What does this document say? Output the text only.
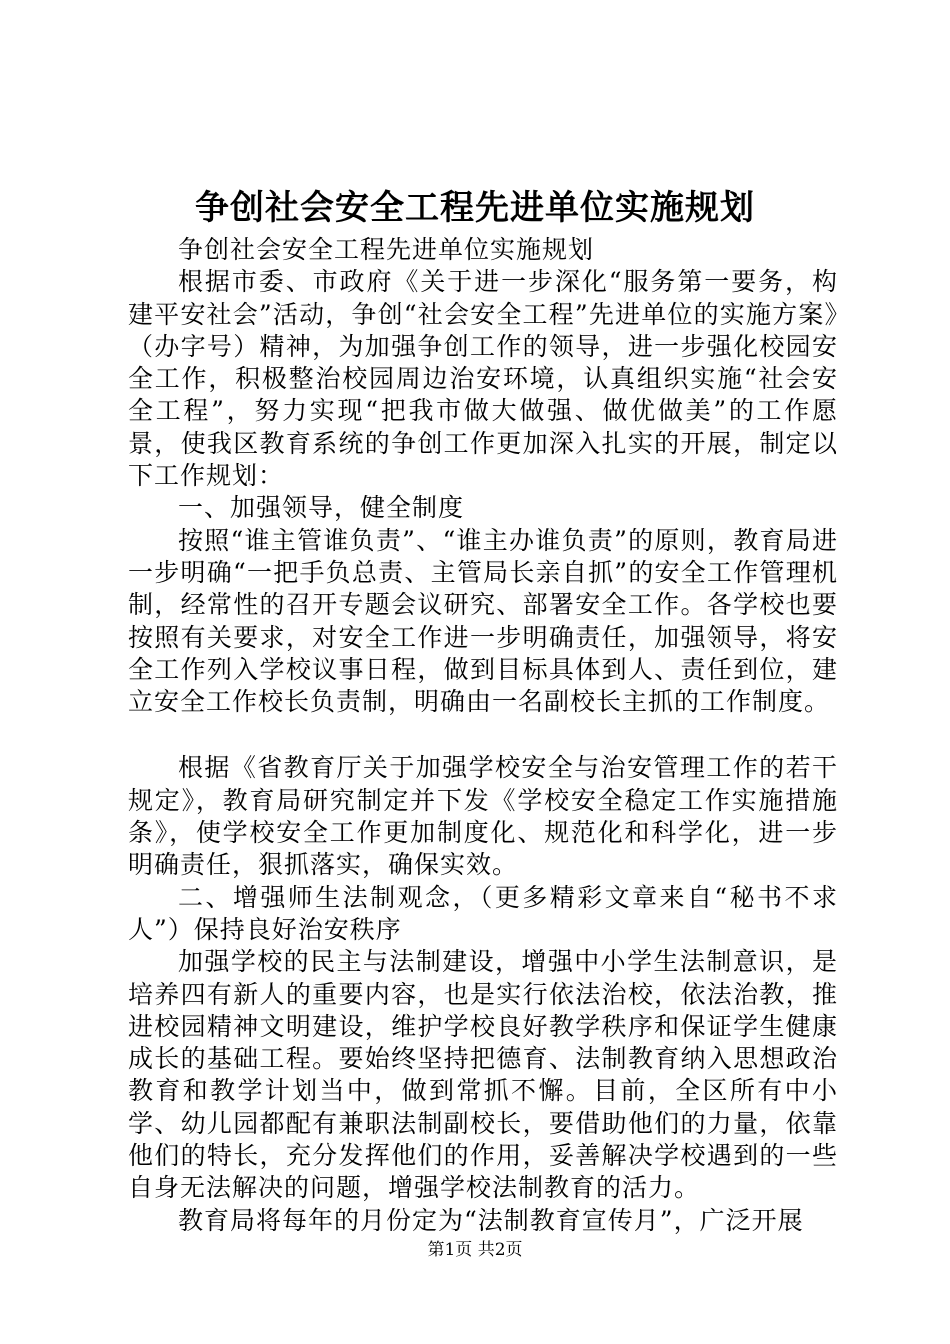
争创社会安全工程先进单位实施规划

争创社会安全工程先进单位实施规划

根据市委、市政府《关于进一步深化“服务第一要务，构建平安社会”活动，争创“社会安全工程”先进单位的实施方案》（办字号）精神，为加强争创工作的领导，进一步强化校园安全工作，积极整治校园周边治安环境，认真组织实施“社会安全工程”，努力实现“把我市做大做强、做优做美”的工作愿景，使我区教育系统的争创工作更加深入扎实的开展，制定以下工作规划：

一、加强领导，健全制度

按照“谁主管谁负责”、“谁主办谁负责”的原则，教育局进一步明确“一把手负总责、主管局长亲自抓”的安全工作管理机制，经常性的召开专题会议研究、部署安全工作。各学校也要按照有关要求，对安全工作进一步明确责任，加强领导，将安全工作列入学校议事日程，做到目标具体到人、责任到位，建立安全工作校长负责制，明确由一名副校长主抓的工作制度。

根据《省教育厅关于加强学校安全与治安管理工作的若干规定》，教育局研究制定并下发《学校安全稳定工作实施措施条》，使学校安全工作更加制度化、规范化和科学化，进一步明确责任，狠抓落实，确保实效。

二、增强师生法制观念，（更多精彩文章来自“秘书不求人”）保持良好治安秩序

加强学校的民主与法制建设，增强中小学生法制意识，是培养四有新人的重要内容，也是实行依法治校，依法治教，推进校园精神文明建设，维护学校良好教学秩序和保证学生健康成长的基础工程。要始终坚持把德育、法制教育纳入思想政治教育和教学计划当中，做到常抓不懈。目前，全区所有中小学、幼儿园都配有兼职法制副校长，要借助他们的力量，依靠他们的特长，充分发挥他们的作用，妥善解决学校遇到的一些自身无法解决的问题，增强学校法制教育的活力。

教育局将每年的月份定为“法制教育宣传月”，广泛开展

第1页 共2页
